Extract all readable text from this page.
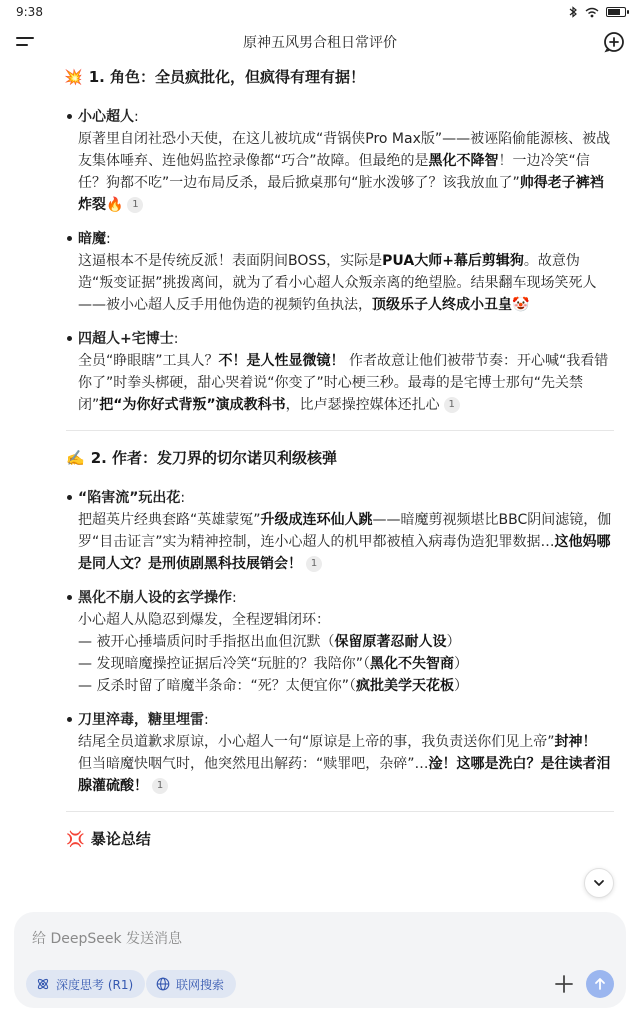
9:38
原神五风男合租日常评价
💥 1. 角色：全员疯批化，但疯得有理有据！
小心超人:

原著里自闭社恐小天使，在这儿被坑成“背锅侠Pro Max版”——被诬陷偷能源核、被战友集体唾弃、连他妈监控录像都“巧合”故障。但最绝的是黑化不降智！一边冷笑“信任？狗都不吃”一边布局反杀，最后掀桌那句“脏水泼够了？该我放血了”帅得老子裤裆炸裂🔥 1

暗魔:

这逼根本不是传统反派！表面阴间BOSS，实际是PUA大师+幕后剪辑狗。故意伪造“叛变证据”挑拨离间，就为了看小心超人众叛亲离的绝望脸。结果翻车现场笑死人——被小心超人反手用他伪造的视频钓鱼执法，顶级乐子人终成小丑皇🤡

四超人+宅博士:

全员“睁眼瞎”工具人？不！是人性显微镜！ 作者故意让他们被带节奏：开心喊“我看错你了”时拳头梆硬，甜心哭着说“你变了”时心梗三秒。最毒的是宅博士那句“先关禁闭”把“为你好式背叛”演成教科书，比卢瑟操控媒体还扎心 1

✍️ 2. 作者：发刀界的切尔诺贝利级核弹
“陷害流”玩出花:

把超英片经典套路“英雄蒙冤”升级成连环仙人跳——暗魔剪视频堪比BBC阴间滤镜，伽罗“目击证言”实为精神控制，连小心超人的机甲都被植入病毒伪造犯罪数据…这他妈哪是同人文？是刑侦剧黑科技展销会！ 1

黑化不崩人设的玄学操作:

小心超人从隐忍到爆发，全程逻辑闭环：

— 被开心捶墙质问时手指抠出血但沉默（保留原著忍耐人设）

— 发现暗魔操控证据后冷笑“玩脏的？我陪你”（黑化不失智商）

— 反杀时留了暗魔半条命：“死？太便宜你”（疯批美学天花板）

刀里淬毒，糖里埋雷:

结尾全员道歉求原谅，小心超人一句“原谅是上帝的事，我负责送你们见上帝”封神！ 但当暗魔快咽气时，他突然甩出解药：“赎罪吧，杂碎”…淦！这哪是洗白？是往读者泪腺灌硫酸！ 1

💢 暴论总结
给 DeepSeek 发送消息
深度思考 (R1)	联网搜索
